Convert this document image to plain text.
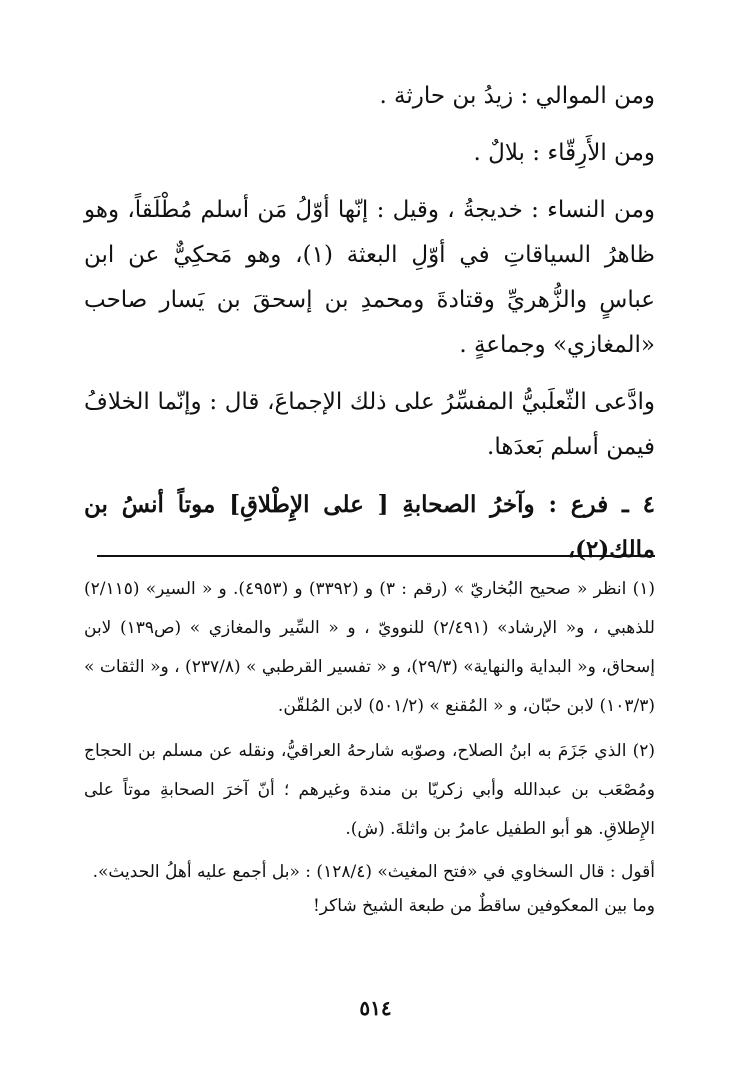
ومن الموالي : زيدُ بن حارثة .

ومن الأَرِقّاء : بلالٌ .

ومن النساء : خديجةُ ، وقيل : إنّها أوّلُ مَن أسلم مُطْلَقاً، وهو ظاهرُ السياقاتِ في أوّلِ البعثة (١)، وهو مَحكِيٌّ عن ابن عباسٍ والزُّهريِّ وقتادةَ ومحمدِ بن إسحقَ بن يَسار صاحب «المغازي» وجماعةٍ .

وادَّعى الثّعلَبيُّ المفسِّرُ على ذلك الإجماعَ، قال : وإنّما الخلافُ فيمن أسلم بَعدَها.

٤ ـ فرع : وآخرُ الصحابةِ [ على الإِطْلاقِ] موتاً أنسُ بن مالك(٢)،

(١) انظر « صحيح البُخاريّ » (رقم : ٣) و (٣٣٩٢) و (٤٩٥٣). و « السير» (٢/١١٥) للذهبي ، و« الإرشاد» (٢/٤٩١) للنوويّ ، و « السِّير والمغازي » (ص١٣٩) لابن إسحاق، و« البداية والنهاية» (٢٩/٣)، و « تفسير القرطبي » (٢٣٧/٨) ، و« الثقات » (١٠٣/٣) لابن حبّان، و « المُقنع » (٥٠١/٢) لابن المُلقّن.

(٢) الذي جَزَمَ به ابنُ الصلاح، وصوّبه شارحهُ العراقيُّ، ونقله عن مسلم بن الحجاج ومُصْعَب بن عبدالله وأبي زكريّا بن مندة وغيرهم ؛ أنّ آخرَ الصحابةِ موتاً على الإِطلاقِ. هو أبو الطفيل عامرُ بن واثلةَ. (ش).

أقول : قال السخاوي في «فتح المغيث» (١٢٨/٤) : «بل أجمع عليه أهلُ الحديث».

وما بين المعكوفين ساقطٌ من طبعة الشيخ شاكر!

٥١٤
